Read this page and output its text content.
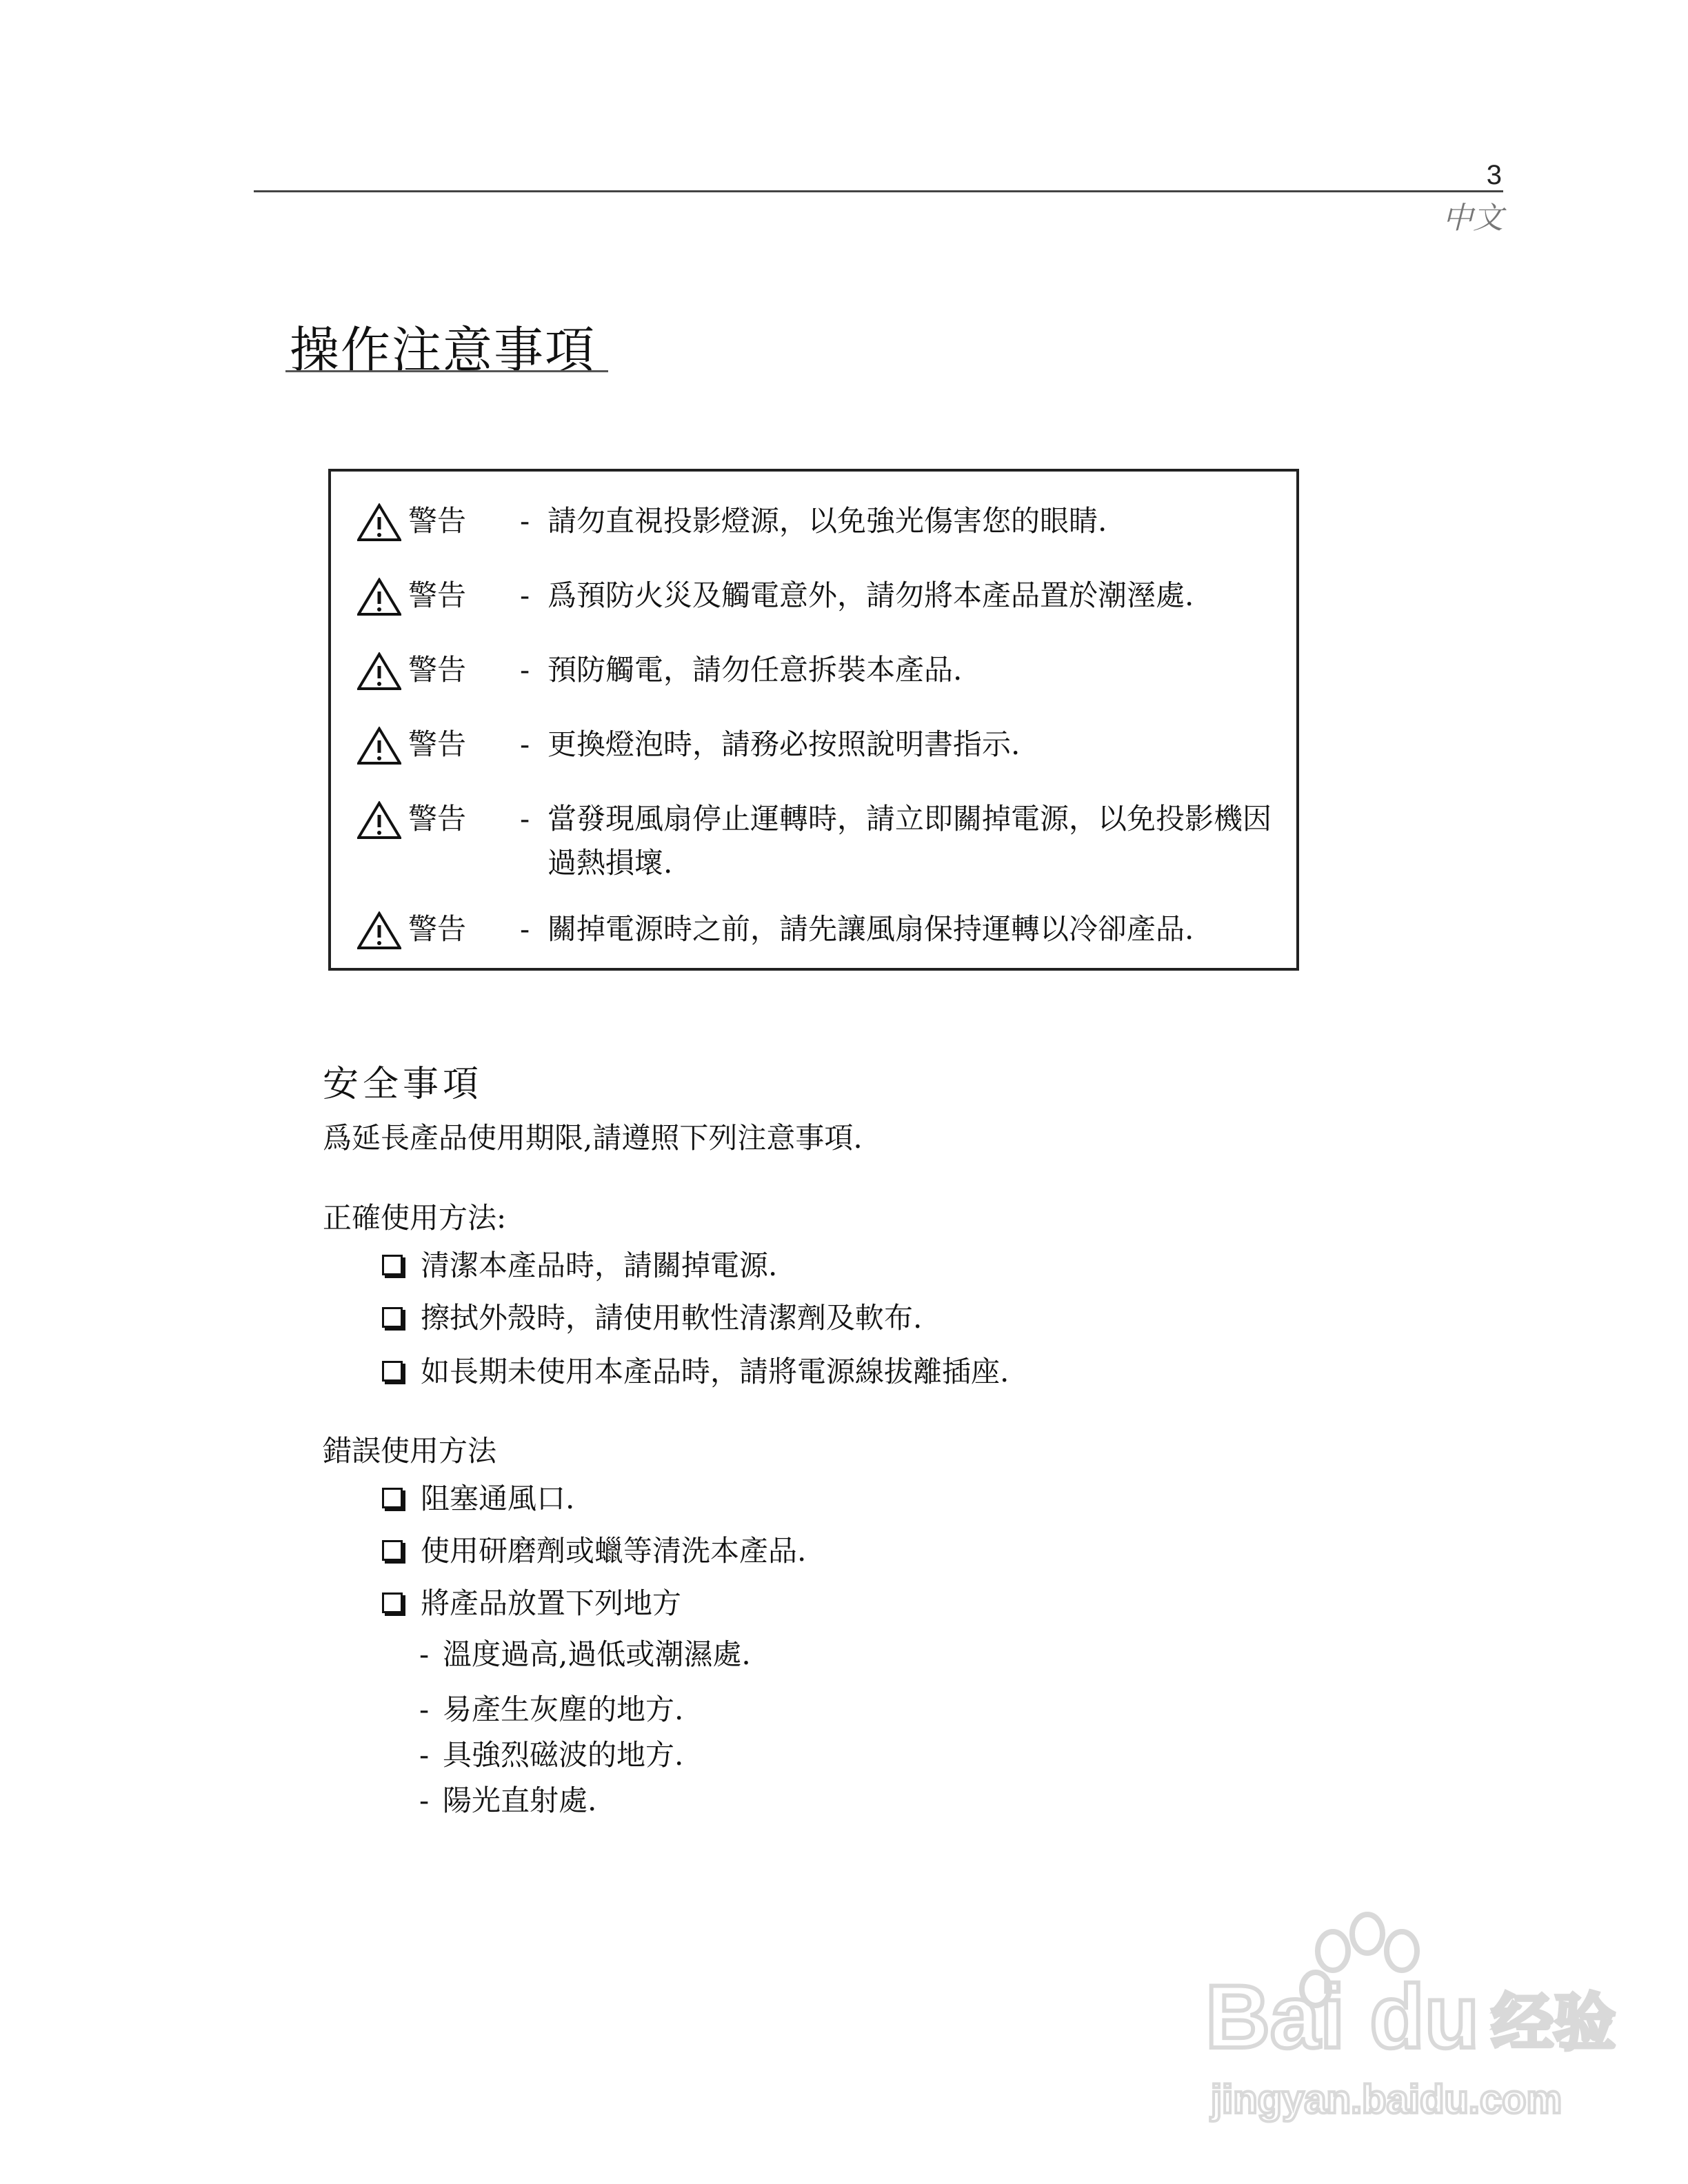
3
中文
操作注意事項
警告 - 請勿直視投影燈源，以免強光傷害您的眼睛.
警告 - 爲預防火災及觸電意外，請勿將本產品置於潮溼處.
警告 - 預防觸電，請勿任意拆裝本產品.
警告 - 更換燈泡時，請務必按照說明書指示.
警告 - 當發現風扇停止運轉時，請立即關掉電源，以免投影機因過熱損壞.
警告 - 關掉電源時之前，請先讓風扇保持運轉以冷卻產品.
安全事項
爲延長產品使用期限,請遵照下列注意事項.
正確使用方法:
清潔本產品時，請關掉電源.
擦拭外殼時，請使用軟性清潔劑及軟布.
如長期未使用本產品時，請將電源線拔離插座.
錯誤使用方法
阻塞通風口.
使用研磨劑或蠟等清洗本產品.
將產品放置下列地方
- 溫度過高,過低或潮濕處.
- 易產生灰塵的地方.
- 具強烈磁波的地方.
- 陽光直射處.
Bai du 经验
jingyan.baidu.com
